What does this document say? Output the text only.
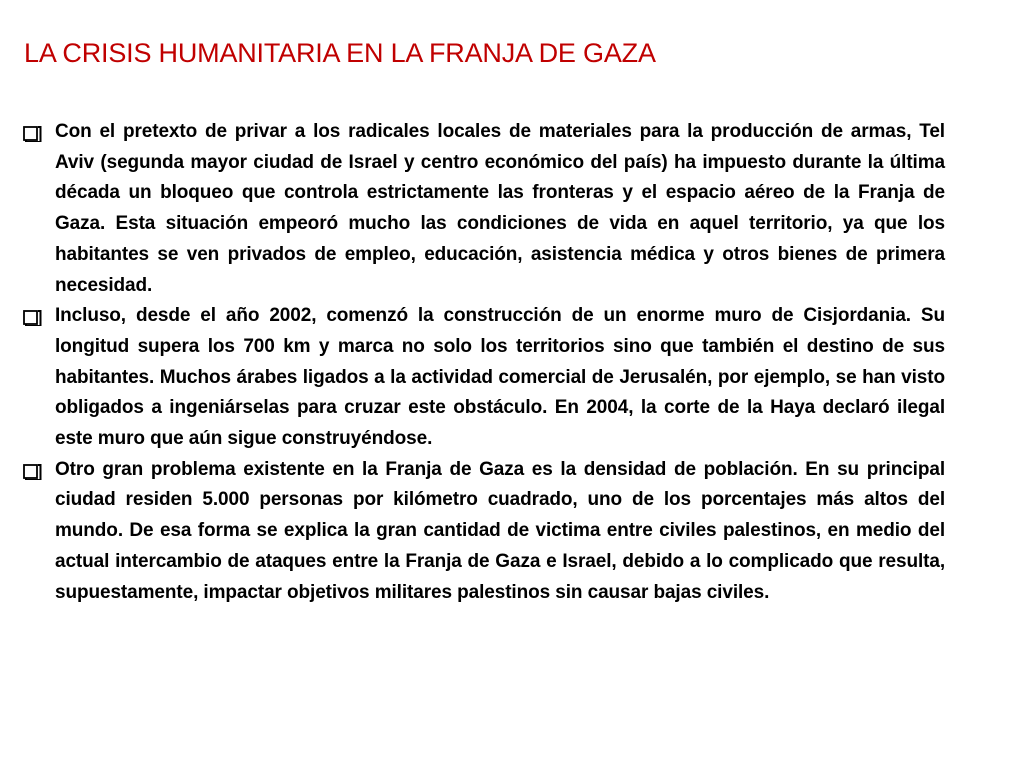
LA CRISIS HUMANITARIA EN LA FRANJA DE GAZA
Con el pretexto de privar a los radicales locales de materiales para la producción de armas, Tel Aviv (segunda mayor ciudad de Israel y centro económico del país) ha impuesto durante la última década un bloqueo que controla estrictamente las fronteras y el espacio aéreo de la Franja de Gaza. Esta situación empeoró mucho las condiciones de vida en aquel territorio, ya que los habitantes se ven privados de empleo, educación, asistencia médica y otros bienes de primera necesidad.
Incluso, desde el año 2002, comenzó la construcción de un enorme muro de Cisjordania. Su longitud supera los 700 km y marca no solo los territorios sino que también el destino de sus habitantes. Muchos árabes ligados a la actividad comercial de Jerusalén, por ejemplo, se han visto obligados a ingeniárselas para cruzar este obstáculo. En 2004, la corte de la Haya declaró ilegal este muro que aún sigue construyéndose.
Otro gran problema existente en la Franja de Gaza es la densidad de población. En su principal ciudad residen 5.000 personas por kilómetro cuadrado, uno de los porcentajes más altos del mundo. De esa forma se explica la gran cantidad de victima entre civiles palestinos, en medio del actual intercambio de ataques entre la Franja de Gaza e Israel, debido a lo complicado que resulta, supuestamente, impactar objetivos militares palestinos sin causar bajas civiles.
